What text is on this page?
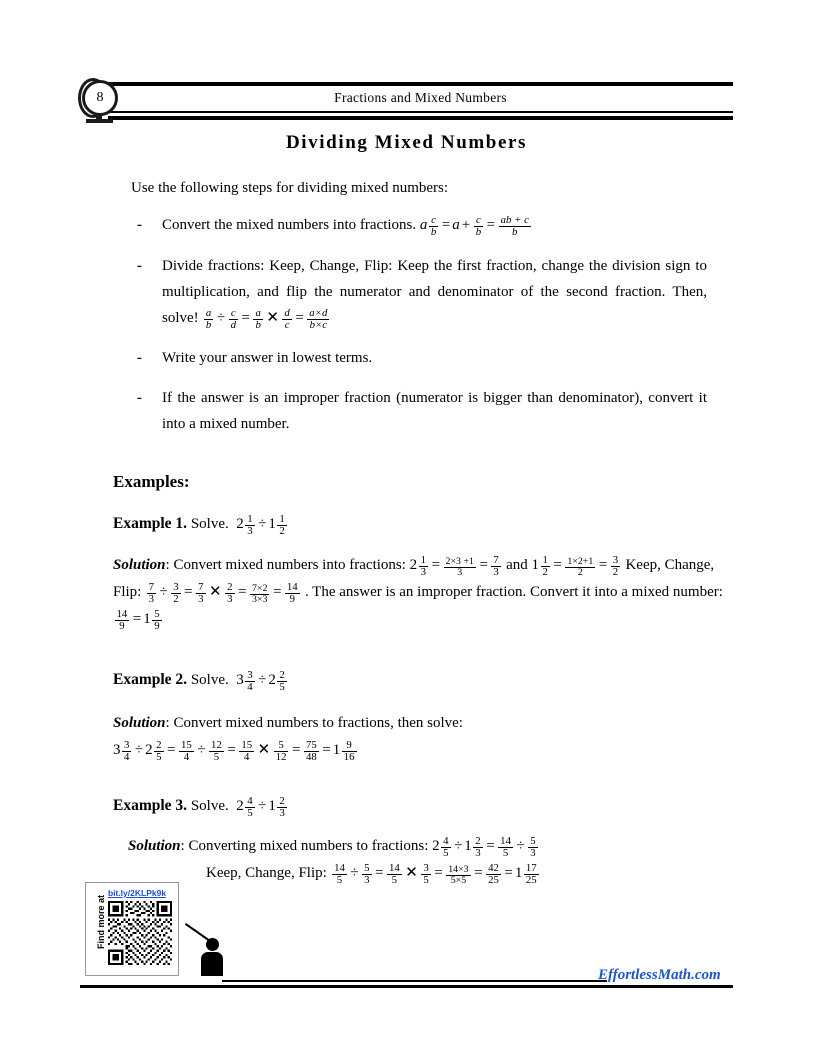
Fractions and Mixed Numbers
8
Dividing Mixed Numbers
Use the following steps for dividing mixed numbers:
- Convert the mixed numbers into fractions. a $\frac{c}{b} = a + \frac{c}{b} = \frac{ab + c}{b}$
- Divide fractions: Keep, Change, Flip: Keep the first fraction, change the division sign to multiplication, and flip the numerator and denominator of the second fraction. Then, solve! $\frac{a}{b} \div \frac{c}{d} = \frac{a}{b}$ ✕ $\frac{d}{c} = \frac{a\times d}{b\times c}$
- Write your answer in lowest terms.
- If the answer is an improper fraction (numerator is bigger than denominator), convert it into a mixed number.
Examples:
Example 1. Solve.  $2 \frac{1}{3} \div 1 \frac{1}{2}$
Solution: Convert mixed numbers into fractions: $2 \frac{1}{3} = \frac{2\times 3 +1}{3} = \frac{7}{3}$ and $1 \frac{1}{2} = \frac{1\times 2+1}{2} = \frac{3}{2}$ Keep, Change, Flip: $\frac{7}{3} \div \frac{3}{2} = \frac{7}{3}$ ✕ $\frac{2}{3} = \frac{7\times 2}{3\times 3} = \frac{14}{9}$ . The answer is an improper fraction. Convert it into a mixed number:
$\frac{14}{9} = 1 \frac{5}{9}$
Example 2. Solve.  $3 \frac{3}{4} \div 2 \frac{2}{5}$
Solution: Convert mixed numbers to fractions, then solve:
$3 \frac{3}{4} \div 2 \frac{2}{5} = \frac{15}{4} \div \frac{12}{5} = \frac{15}{4}$ ✕ $\frac{5}{12} = \frac{75}{48} = 1 \frac{9}{16}$
Example 3. Solve.  $2 \frac{4}{5} \div 1 \frac{2}{3}$
Solution: Converting mixed numbers to fractions: $2 \frac{4}{5} \div 1 \frac{2}{3} = \frac{14}{5} \div \frac{5}{3}$
Keep, Change, Flip: $\frac{14}{5} \div \frac{5}{3} = \frac{14}{5}$ ✕ $\frac{3}{5} = \frac{14\times 3}{5\times 5} = \frac{42}{25} = 1 \frac{17}{25}$
bit.ly/2KLPk9k
Find more at
EffortlessMath.com
